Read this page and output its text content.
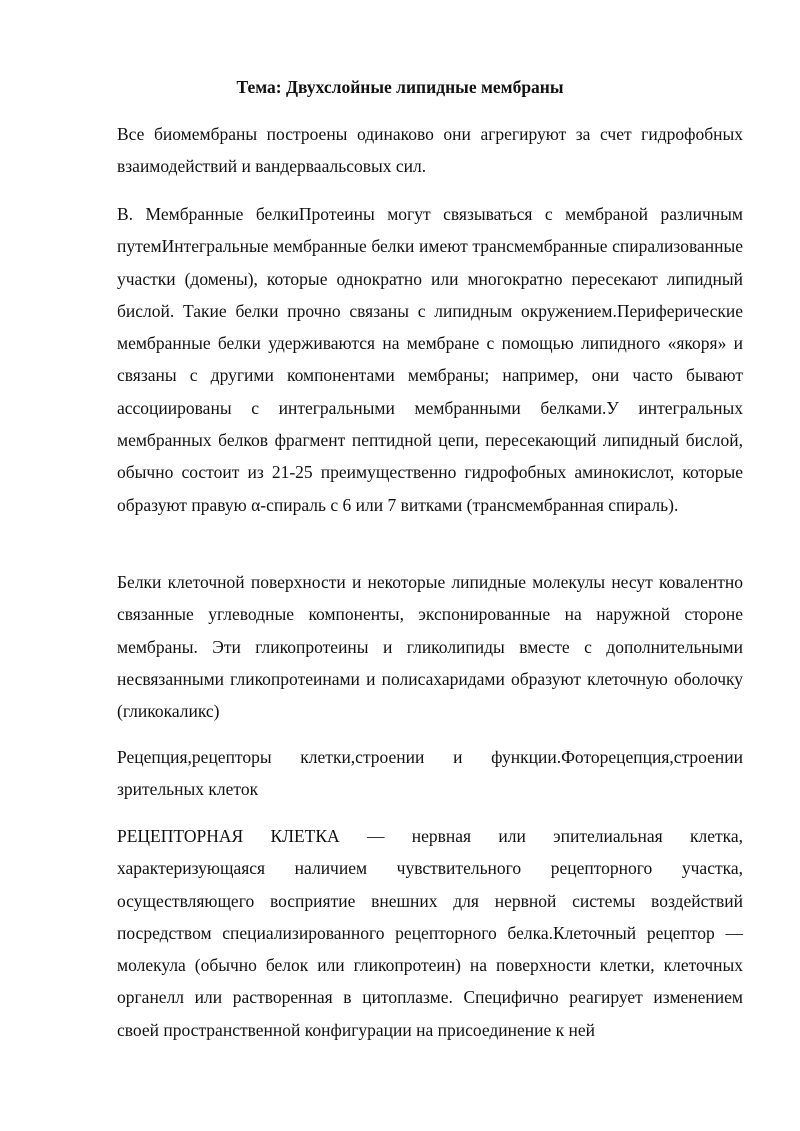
Тема: Двухслойные липидные мембраны

Все биомембраны построены одинаково они агрегируют за счет гидрофобных взаимодействий и вандерваальсовых сил.

B. Мембранные белкиПротеины могут связываться с мембраной различным путемИнтегральные мембранные белки имеют трансмембранные спирализованные участки (домены), которые однократно или многократно пересекают липидный бислой. Такие белки прочно связаны с липидным окружением.Периферические мембранные белки удерживаются на мембране с помощью липидного «якоря» и связаны с другими компонентами мембраны; например, они часто бывают ассоциированы с интегральными мембранными белками.У интегральных мембранных белков фрагмент пептидной цепи, пересекающий липидный бислой, обычно состоит из 21-25 преимущественно гидрофобных аминокислот, которые образуют правую α-спираль с 6 или 7 витками (трансмембранная спираль).

Белки клеточной поверхности и некоторые липидные молекулы несут ковалентно связанные углеводные компоненты, экспонированные на наружной стороне мембраны. Эти гликопротеины и гликолипиды вместе с дополнительными несвязанными гликопротеинами и полисахаридами образуют клеточную оболочку (гликокаликс)

Рецепция,рецепторы клетки,строении и функции.Фоторецепция,строении зрительных клеток

РЕЦЕПТОРНАЯ КЛЕТКА — нервная или эпителиальная клетка, характеризующаяся наличием чувствительного рецепторного участка, осуществляющего восприятие внешних для нервной системы воздействий посредством специализированного рецепторного белка.Клеточный рецептор — молекула (обычно белок или гликопротеин) на поверхности клетки, клеточных органелл или растворенная в цитоплазме. Специфично реагирует изменением своей пространственной конфигурации на присоединение к ней
